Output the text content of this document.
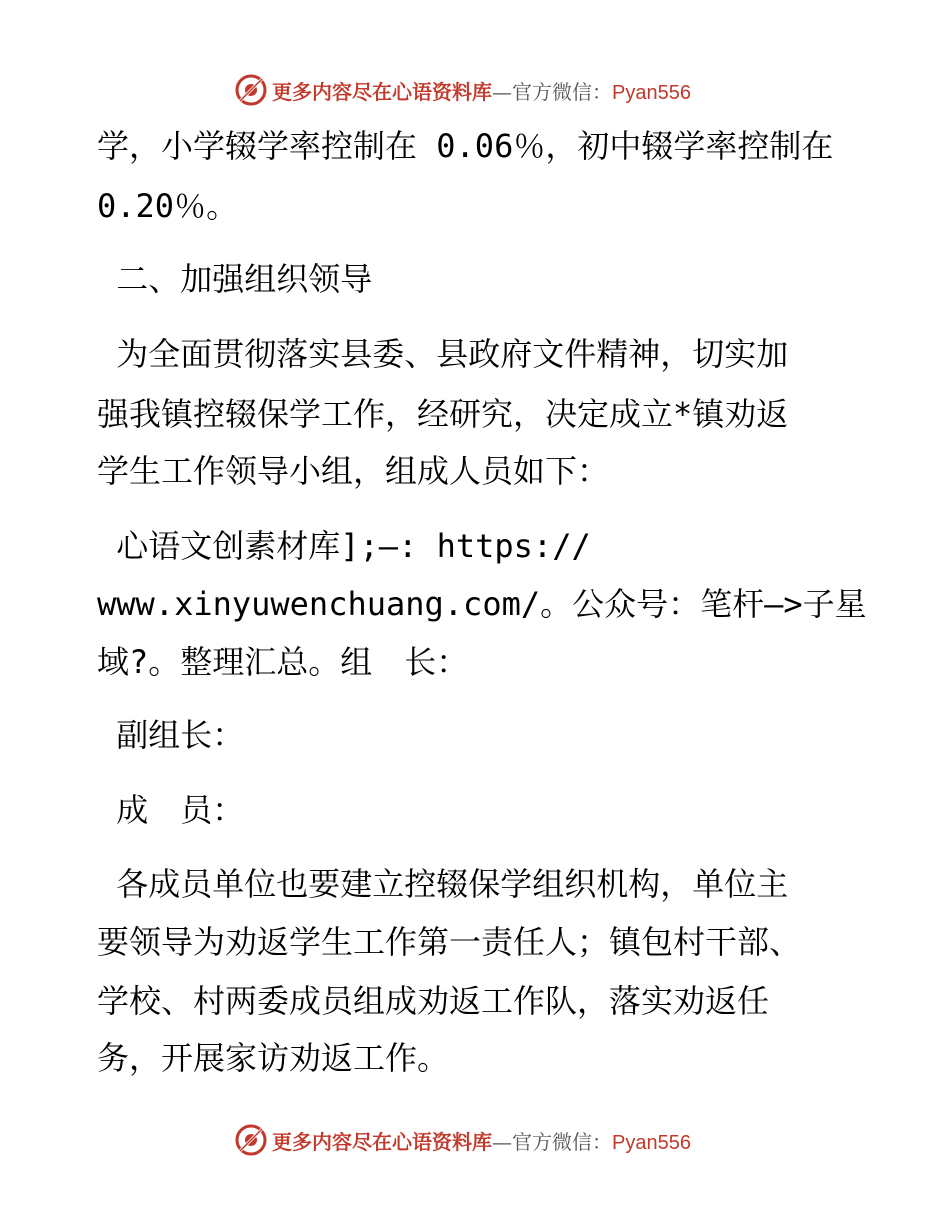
更多内容尽在心语资料库—官方微信：Pyan556
学，小学辍学率控制在 0.06％，初中辍学率控制在
0.20％。
二、加强组织领导
为全面贯彻落实县委、县政府文件精神，切实加
强我镇控辍保学工作，经研究，决定成立*镇劝返
学生工作领导小组，组成人员如下：
心语文创素材库];—: https://
www.xinyuwenchuang.com/。公众号：笔杆—>子星
域?。整理汇总。组　长：
副组长：
成　员：
各成员单位也要建立控辍保学组织机构，单位主
要领导为劝返学生工作第一责任人；镇包村干部、
学校、村两委成员组成劝返工作队，落实劝返任
务，开展家访劝返工作。
更多内容尽在心语资料库—官方微信：Pyan556
